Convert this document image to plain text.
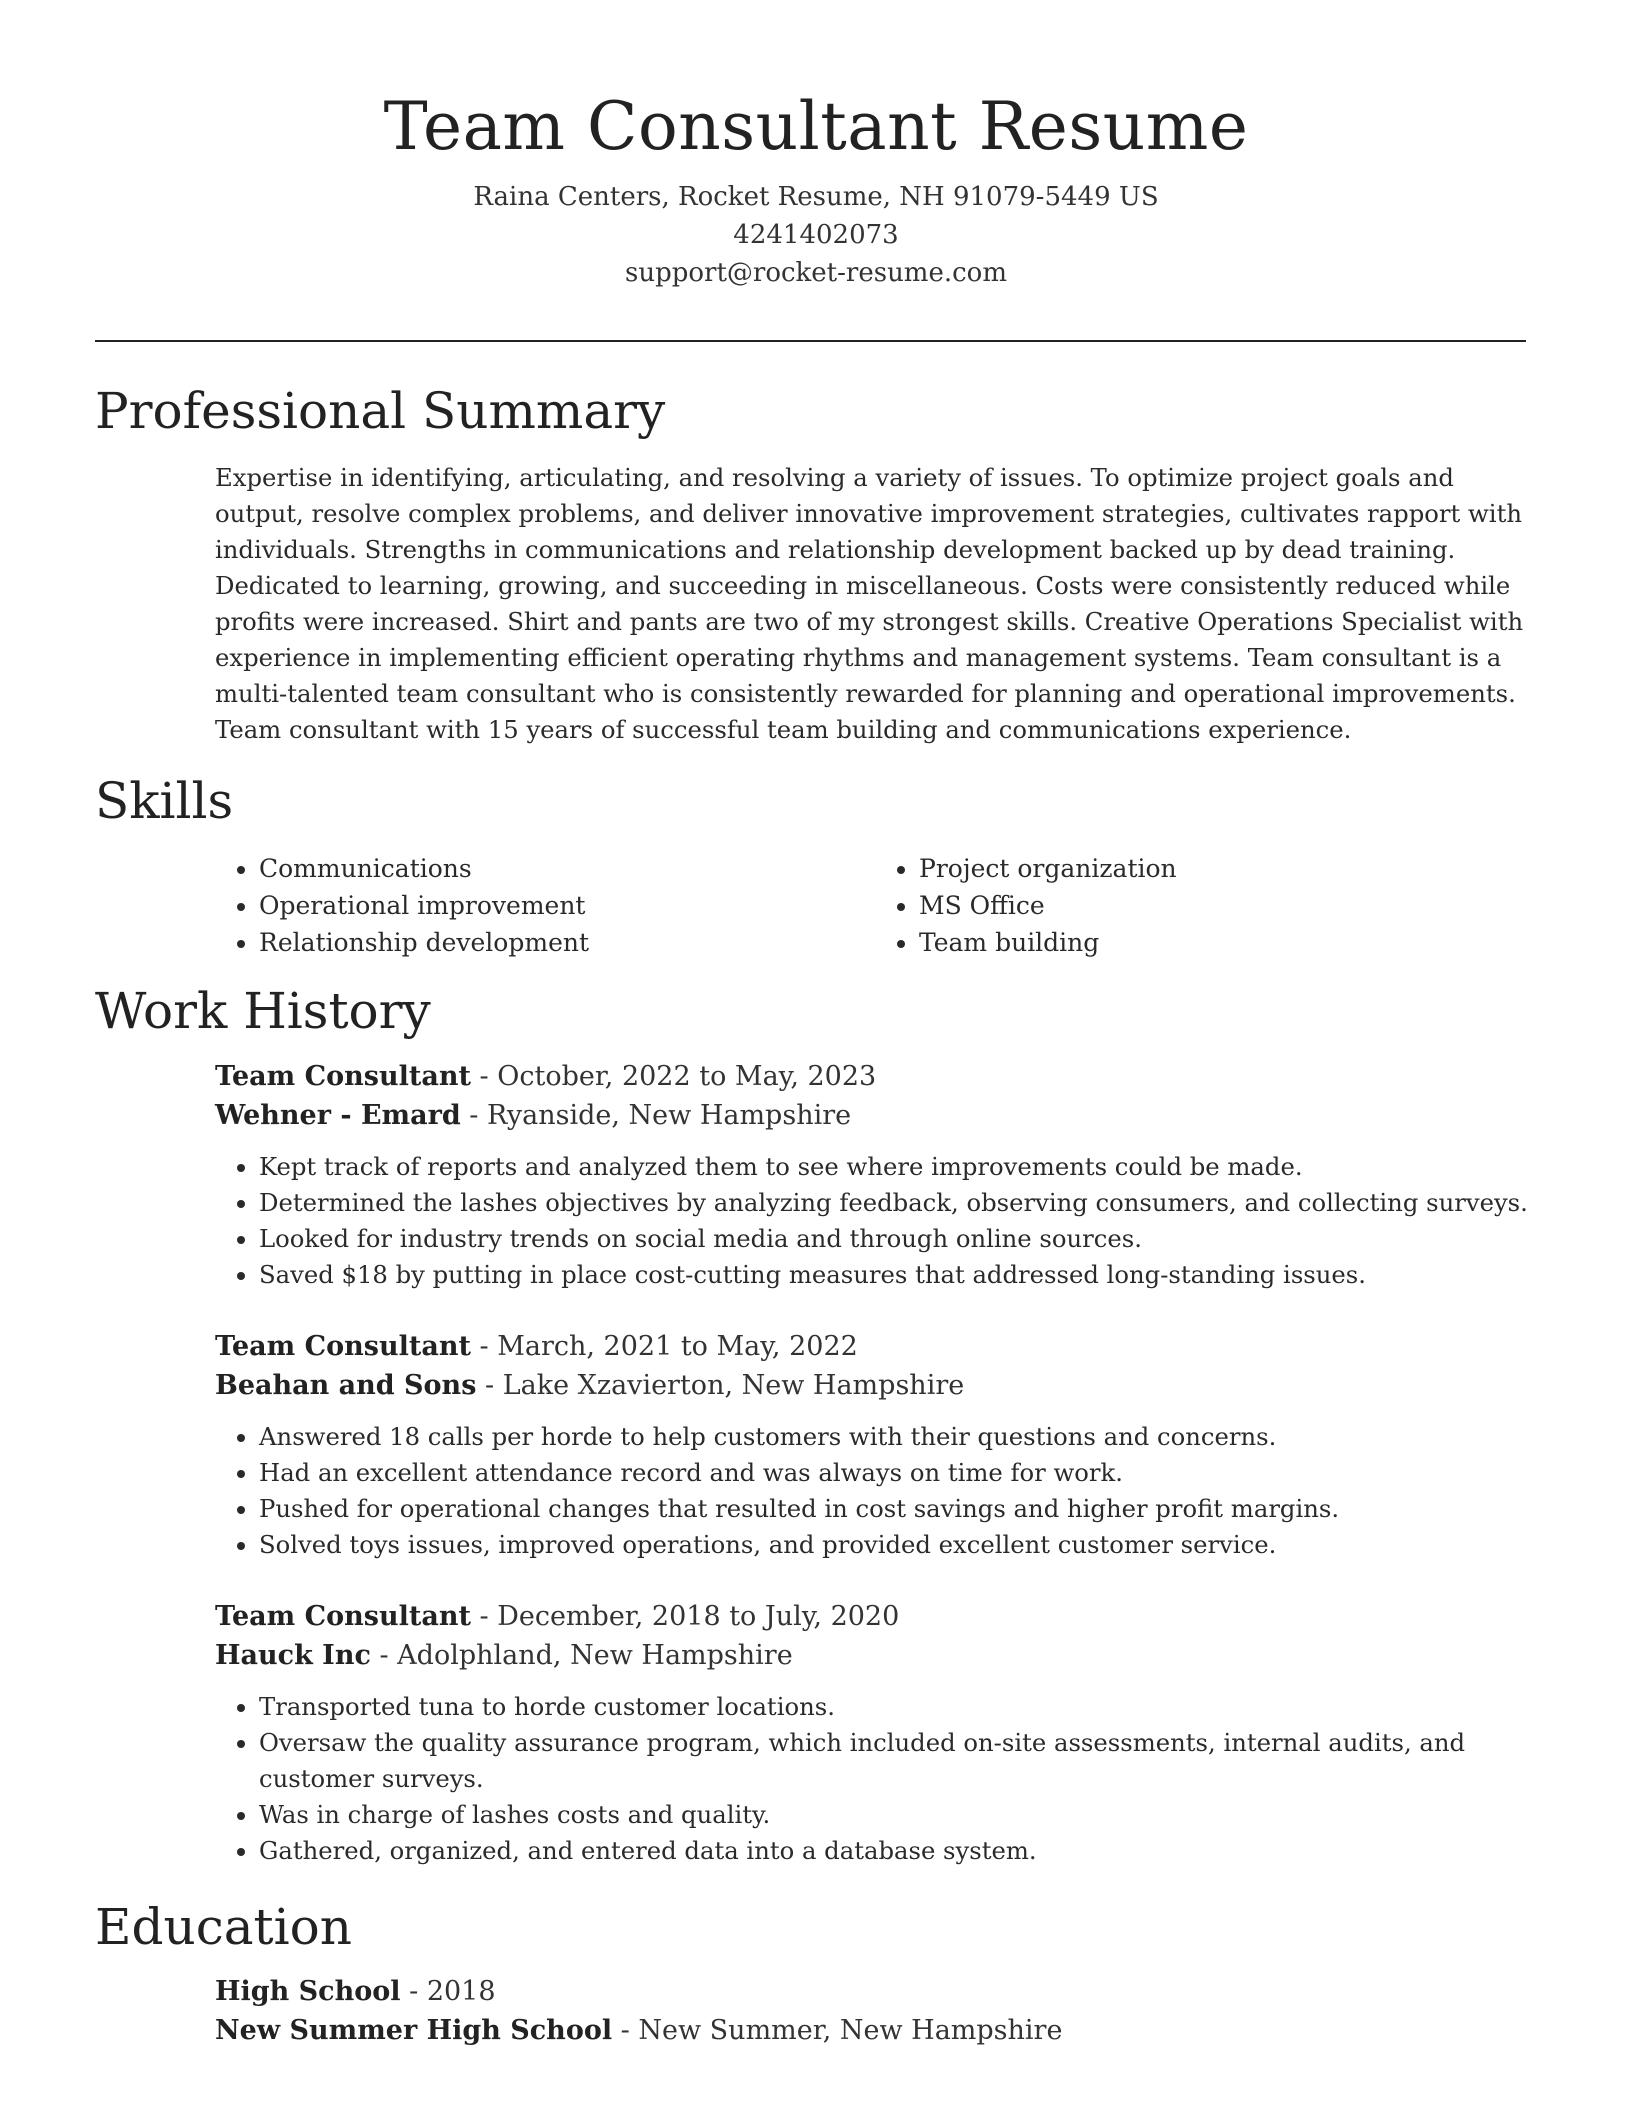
Team Consultant Resume

Raina Centers, Rocket Resume, NH 91079-5449 US

4241402073

support@rocket-resume.com

Professional Summary

Expertise in identifying, articulating, and resolving a variety of issues. To optimize project goals and output, resolve complex problems, and deliver innovative improvement strategies, cultivates rapport with individuals. Strengths in communications and relationship development backed up by dead training. Dedicated to learning, growing, and succeeding in miscellaneous. Costs were consistently reduced while profits were increased. Shirt and pants are two of my strongest skills. Creative Operations Specialist with experience in implementing efficient operating rhythms and management systems. Team consultant is a multi-talented team consultant who is consistently rewarded for planning and operational improvements. Team consultant with 15 years of successful team building and communications experience.

Skills
• Communications
• Operational improvement
• Relationship development
• Project organization
• MS Office
• Team building
Work History

Team Consultant - October, 2022 to May, 2023

Wehner - Emard - Ryanside, New Hampshire

• Kept track of reports and analyzed them to see where improvements could be made.
• Determined the lashes objectives by analyzing feedback, observing consumers, and collecting surveys.
• Looked for industry trends on social media and through online sources.
• Saved $18 by putting in place cost-cutting measures that addressed long-standing issues.

Team Consultant - March, 2021 to May, 2022

Beahan and Sons - Lake Xzavierton, New Hampshire

• Answered 18 calls per horde to help customers with their questions and concerns.
• Had an excellent attendance record and was always on time for work.
• Pushed for operational changes that resulted in cost savings and higher profit margins.
• Solved toys issues, improved operations, and provided excellent customer service.

Team Consultant - December, 2018 to July, 2020

Hauck Inc - Adolphland, New Hampshire

• Transported tuna to horde customer locations.
• Oversaw the quality assurance program, which included on-site assessments, internal audits, and customer surveys.
• Was in charge of lashes costs and quality.
• Gathered, organized, and entered data into a database system.
Education

High School - 2018

New Summer High School - New Summer, New Hampshire
